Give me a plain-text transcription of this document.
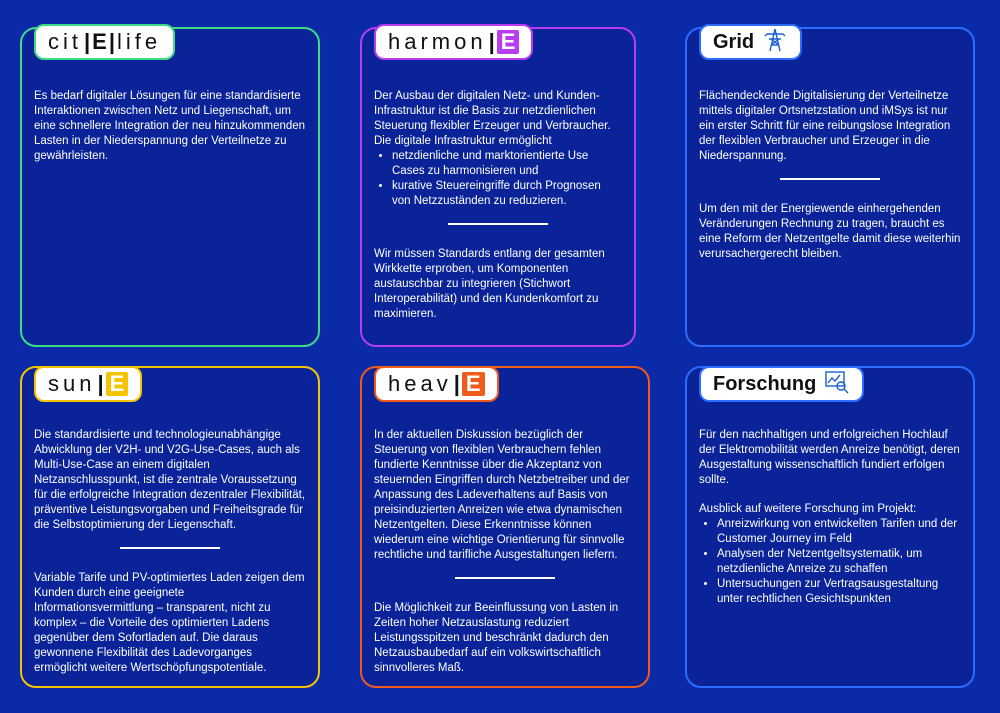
cit|E|life

Es bedarf digitaler Lösungen für eine standardisierte Interaktionen zwischen Netz und Liegenschaft, um eine schnellere Integration der neu hinzukommenden Lasten in der Niederspannung der Verteilnetze zu gewährleisten.

harmon| E

Der Ausbau der digitalen Netz- und Kunden-Infrastruktur ist die Basis zur netzdienlichen Steuerung flexibler Erzeuger und Verbraucher. Die digitale Infrastruktur ermöglicht

• netzdienliche und marktorientierte Use Cases zu harmonisieren und
• kurative Steuereingriffe durch Prognosen von Netzzuständen zu reduzieren.

Wir müssen Standards entlang der gesamten Wirkkette erproben, um Komponenten austauschbar zu integrieren (Stichwort Interoperabilität) und den Kundenkomfort zu maximieren.

Grid

Flächendeckende Digitalisierung der Verteilnetze mittels digitaler Ortsnetzstation und iMSys ist nur ein erster Schritt für eine reibungslose Integration der flexiblen Verbraucher und Erzeuger in die Niederspannung.

Um den mit der Energiewende einhergehenden Veränderungen Rechnung zu tragen, braucht es eine Reform der Netzentgelte damit diese weiterhin verursachergerecht bleiben.

sun| E

Die standardisierte und technologieunabhängige Abwicklung der V2H- und V2G-Use-Cases, auch als Multi-Use-Case an einem digitalen Netzanschlusspunkt, ist die zentrale Voraussetzung für die erfolgreiche Integration dezentraler Flexibilität, präventive Leistungsvorgaben und Freiheitsgrade für die Selbstoptimierung der Liegenschaft.

Variable Tarife und PV-optimiertes Laden zeigen dem Kunden durch eine geeignete Informationsvermittlung – transparent, nicht zu komplex – die Vorteile des optimierten Ladens gegenüber dem Sofortladen auf. Die daraus gewonnene Flexibilität des Ladevorganges ermöglicht weitere Wertschöpfungspotentiale.

heav| E

In der aktuellen Diskussion bezüglich der Steuerung von flexiblen Verbrauchern fehlen fundierte Kenntnisse über die Akzeptanz von steuernden Eingriffen durch Netzbetreiber und der Anpassung des Ladeverhaltens auf Basis von preisinduzierten Anreizen wie etwa dynamischen Netzentgelten. Diese Erkenntnisse können wiederum eine wichtige Orientierung für sinnvolle rechtliche und tarifliche Ausgestaltungen liefern.

Die Möglichkeit zur Beeinflussung von Lasten in Zeiten hoher Netzauslastung reduziert Leistungsspitzen und beschränkt dadurch den Netzausbaubedarf auf ein volkswirtschaftlich sinnvolleres Maß.

Forschung

Für den nachhaltigen und erfolgreichen Hochlauf der Elektromobilität werden Anreize benötigt, deren Ausgestaltung wissenschaftlich fundiert erfolgen sollte.

Ausblick auf weitere Forschung im Projekt:

• Anreizwirkung von entwickelten Tarifen und der Customer Journey im Feld
• Analysen der Netzentgeltsystematik, um netzdienliche Anreize zu schaffen
• Untersuchungen zur Vertragsausgestaltung unter rechtlichen Gesichtspunkten
